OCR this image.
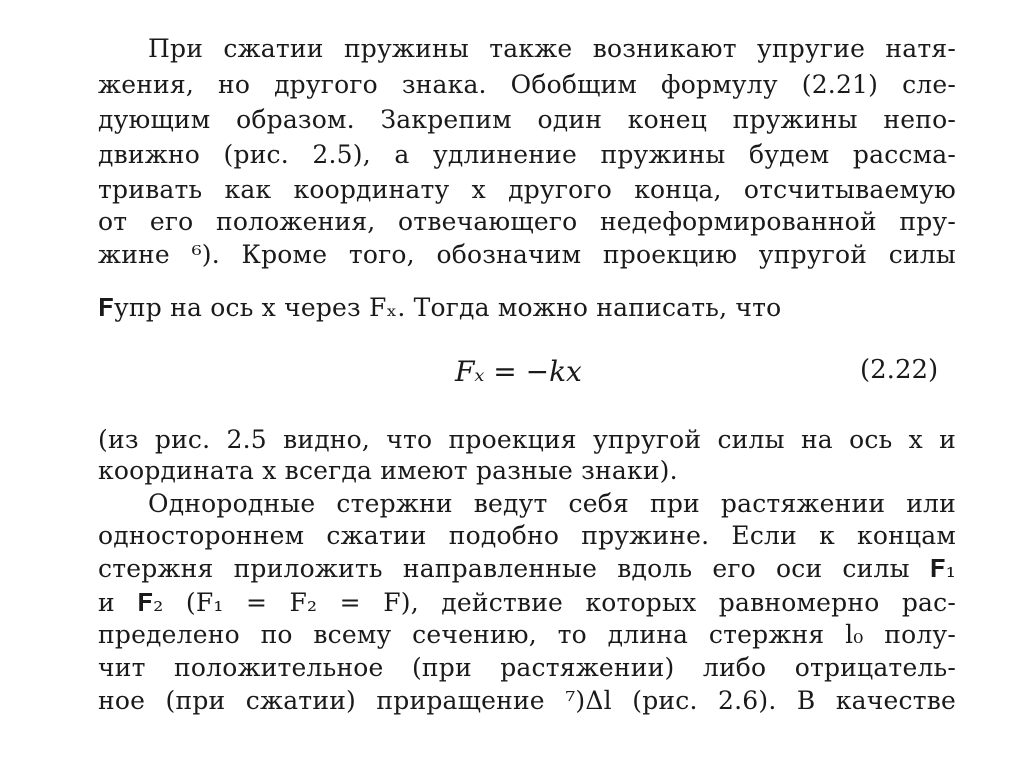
При сжатии пружины также возникают упругие натя-
жения, но другого знака. Обобщим формулу (2.21) сле-
дующим образом. Закрепим один конец пружины непо-
движно (рис. 2.5), а удлинение пружины будем рассма-
тривать как координату x другого конца, отсчитываемую
от его положения, отвечающего недеформированной пру-
жине ⁶). Кроме того, обозначим проекцию упругой силы
𝐅упр на ось x через Fₓ. Тогда можно написать, что
Fₓ = −kx	(2.22)
(из рис. 2.5 видно, что проекция упругой силы на ось x и
координата x всегда имеют разные знаки).
Однородные стержни ведут себя при растяжении или
одностороннем сжатии подобно пружине. Если к концам
стержня приложить направленные вдоль его оси силы 𝐅₁
и 𝐅₂ (F₁ = F₂ = F), действие которых равномерно рас-
пределено по всему сечению, то длина стержня l₀ полу-
чит положительное (при растяжении) либо отрицатель-
ное (при сжатии) приращение ⁷)Δl (рис. 2.6). В качестве
